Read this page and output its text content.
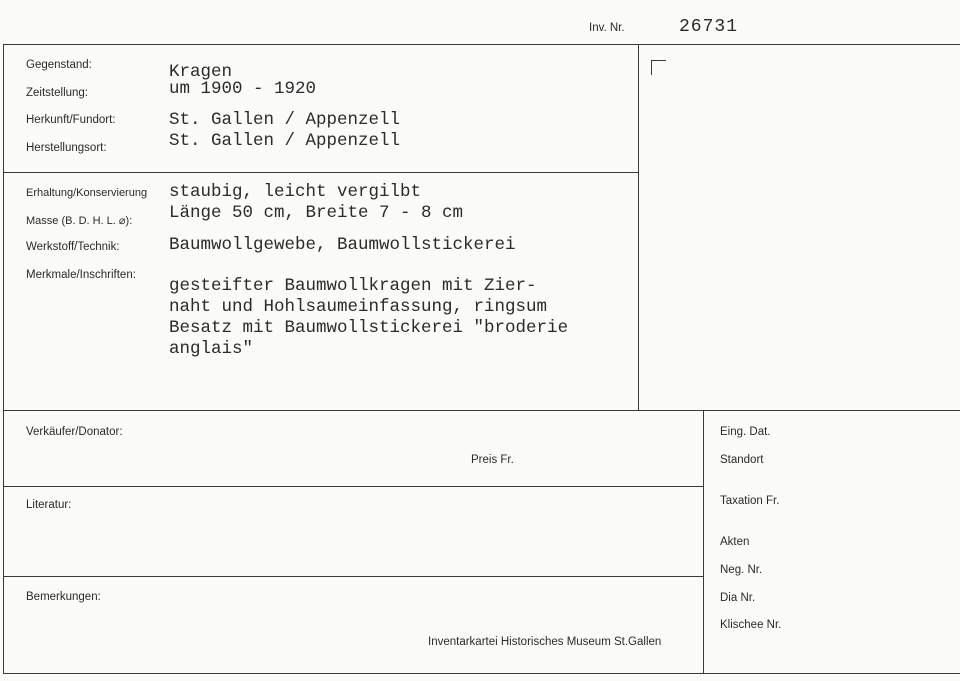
Inv. Nr.	26731
Gegenstand:	Kragen
Zeitstellung:	um 1900 - 1920
Herkunft/Fundort:	St. Gallen / Appenzell
Herstellungsort:	St. Gallen / Appenzell
Erhaltung/Konservierung staubig, leicht vergilbt
Masse (B. D. H. L. ⌀): Länge 50 cm, Breite 7 - 8 cm
Werkstoff/Technik:	Baumwollgewebe, Baumwollstickerei
Merkmale/Inschriften:
gesteifter Baumwollkragen mit Zier-
naht und Hohlsaumeinfassung, ringsum
Besatz mit Baumwollstickerei "broderie
anglais"
Verkäufer/Donator:
Preis Fr.
Literatur:
Bemerkungen:
Inventarkartei Historisches Museum St.Gallen
Eing. Dat.
Standort
Taxation Fr.
Akten
Neg. Nr.
Dia Nr.
Klischee Nr.
